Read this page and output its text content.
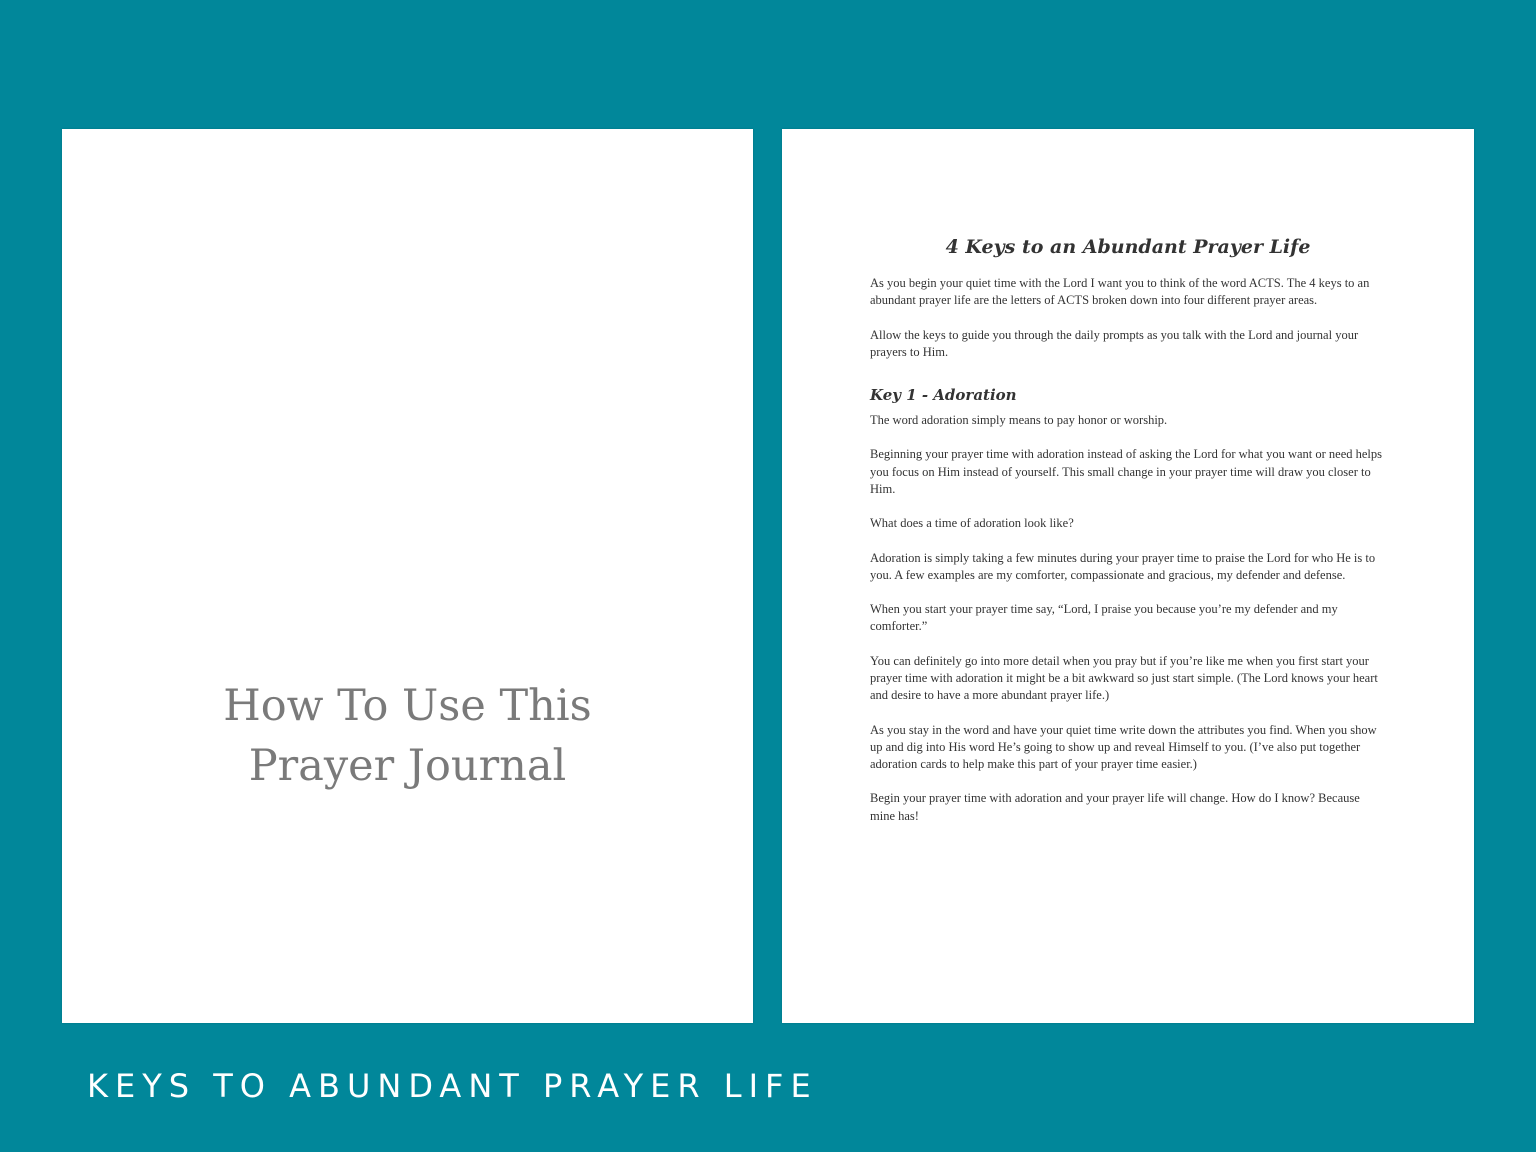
How To Use This
Prayer Journal
4 Keys to an Abundant Prayer Life

As you begin your quiet time with the Lord I want you to think of the word ACTS. The 4 keys to an abundant prayer life are the letters of ACTS broken down into four different prayer areas.

Allow the keys to guide you through the daily prompts as you talk with the Lord and journal your prayers to Him.

Key 1 - Adoration

The word adoration simply means to pay honor or worship.

Beginning your prayer time with adoration instead of asking the Lord for what you want or need helps you focus on Him instead of yourself. This small change in your prayer time will draw you closer to Him.

What does a time of adoration look like?

Adoration is simply taking a few minutes during your prayer time to praise the Lord for who He is to you. A few examples are my comforter, compassionate and gracious, my defender and defense.

When you start your prayer time say, “Lord, I praise you because you’re my defender and my comforter.”

You can definitely go into more detail when you pray but if you’re like me when you first start your prayer time with adoration it might be a bit awkward so just start simple. (The Lord knows your heart and desire to have a more abundant prayer life.)

As you stay in the word and have your quiet time write down the attributes you find. When you show up and dig into His word He’s going to show up and reveal Himself to you. (I’ve also put together adoration cards to help make this part of your prayer time easier.)

Begin your prayer time with adoration and your prayer life will change. How do I know? Because mine has!

KEYS TO ABUNDANT PRAYER LIFE
